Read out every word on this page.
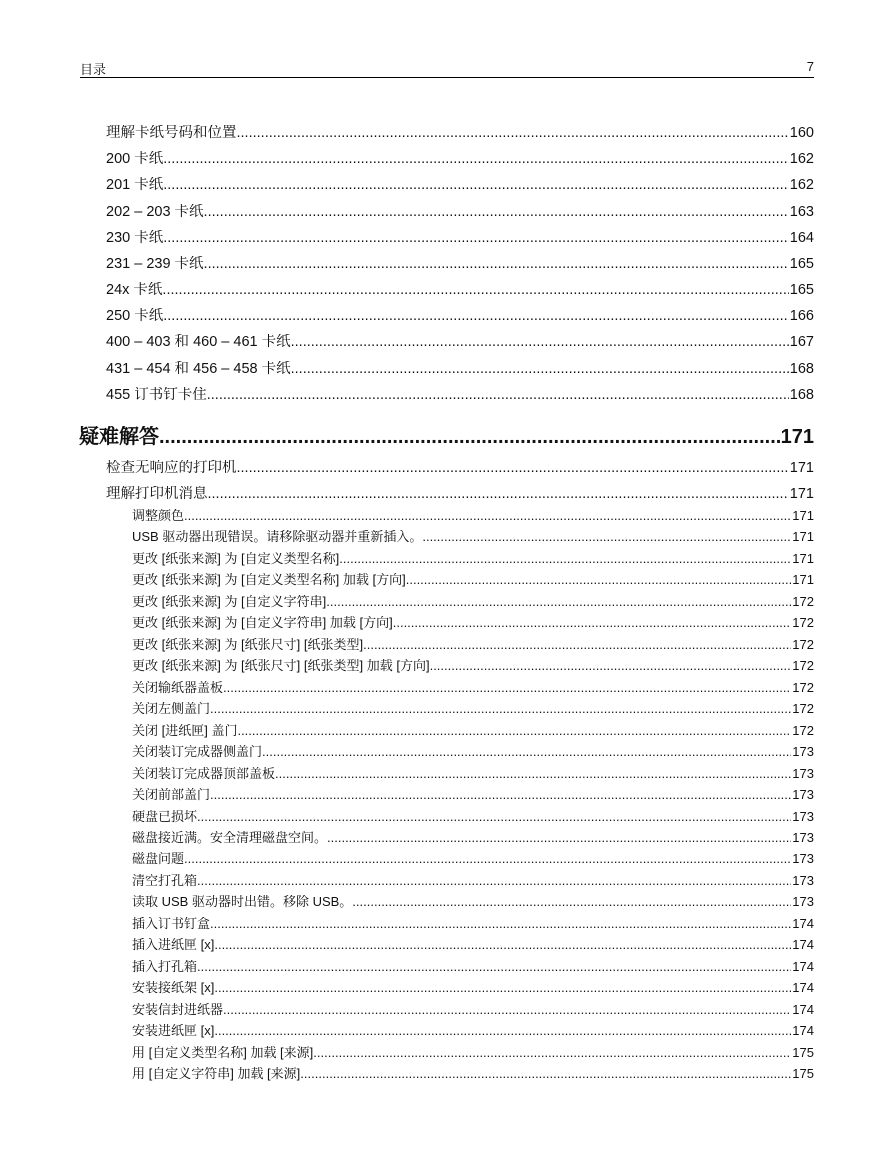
目录	7
理解卡纸号码和位置 .....	160
200 卡纸 .....	162
201 卡纸 .....	162
202 – 203 卡纸 .....	163
230 卡纸 .....	164
231 – 239 卡纸 .....	165
24x 卡纸 .....	165
250 卡纸 .....	166
400 – 403 和 460 – 461 卡纸 .....	167
431 – 454 和 456 – 458 卡纸 .....	168
455 订书钉卡住 .....	168
疑难解答 .....	171
检查无响应的打印机 .....	171
理解打印机消息 .....	171
调整颜色 .....	171
USB 驱动器出现错误。请移除驱动器并重新插入。 .....	171
更改 [纸张来源] 为 [自定义类型名称] .....	171
更改 [纸张来源] 为 [自定义类型名称] 加载 [方向] .....	171
更改 [纸张来源] 为 [自定义字符串] .....	172
更改 [纸张来源] 为 [自定义字符串] 加载 [方向] .....	172
更改 [纸张来源] 为 [纸张尺寸] [纸张类型] .....	172
更改 [纸张来源] 为 [纸张尺寸] [纸张类型] 加载 [方向] .....	172
关闭输纸器盖板 .....	172
关闭左侧盖门 .....	172
关闭 [进纸匣] 盖门 .....	172
关闭装订完成器侧盖门 .....	173
关闭装订完成器顶部盖板 .....	173
关闭前部盖门 .....	173
硬盘已损坏 .....	173
磁盘接近满。安全清理磁盘空间。 .....	173
磁盘问题 .....	173
清空打孔箱 .....	173
读取 USB 驱动器时出错。移除 USB。 .....	173
插入订书钉盒 .....	174
插入进纸匣 [x] .....	174
插入打孔箱 .....	174
安装接纸架 [x] .....	174
安装信封进纸器 .....	174
安装进纸匣 [x] .....	174
用 [自定义类型名称] 加载 [来源] .....	175
用 [自定义字符串] 加载 [来源] .....	175
